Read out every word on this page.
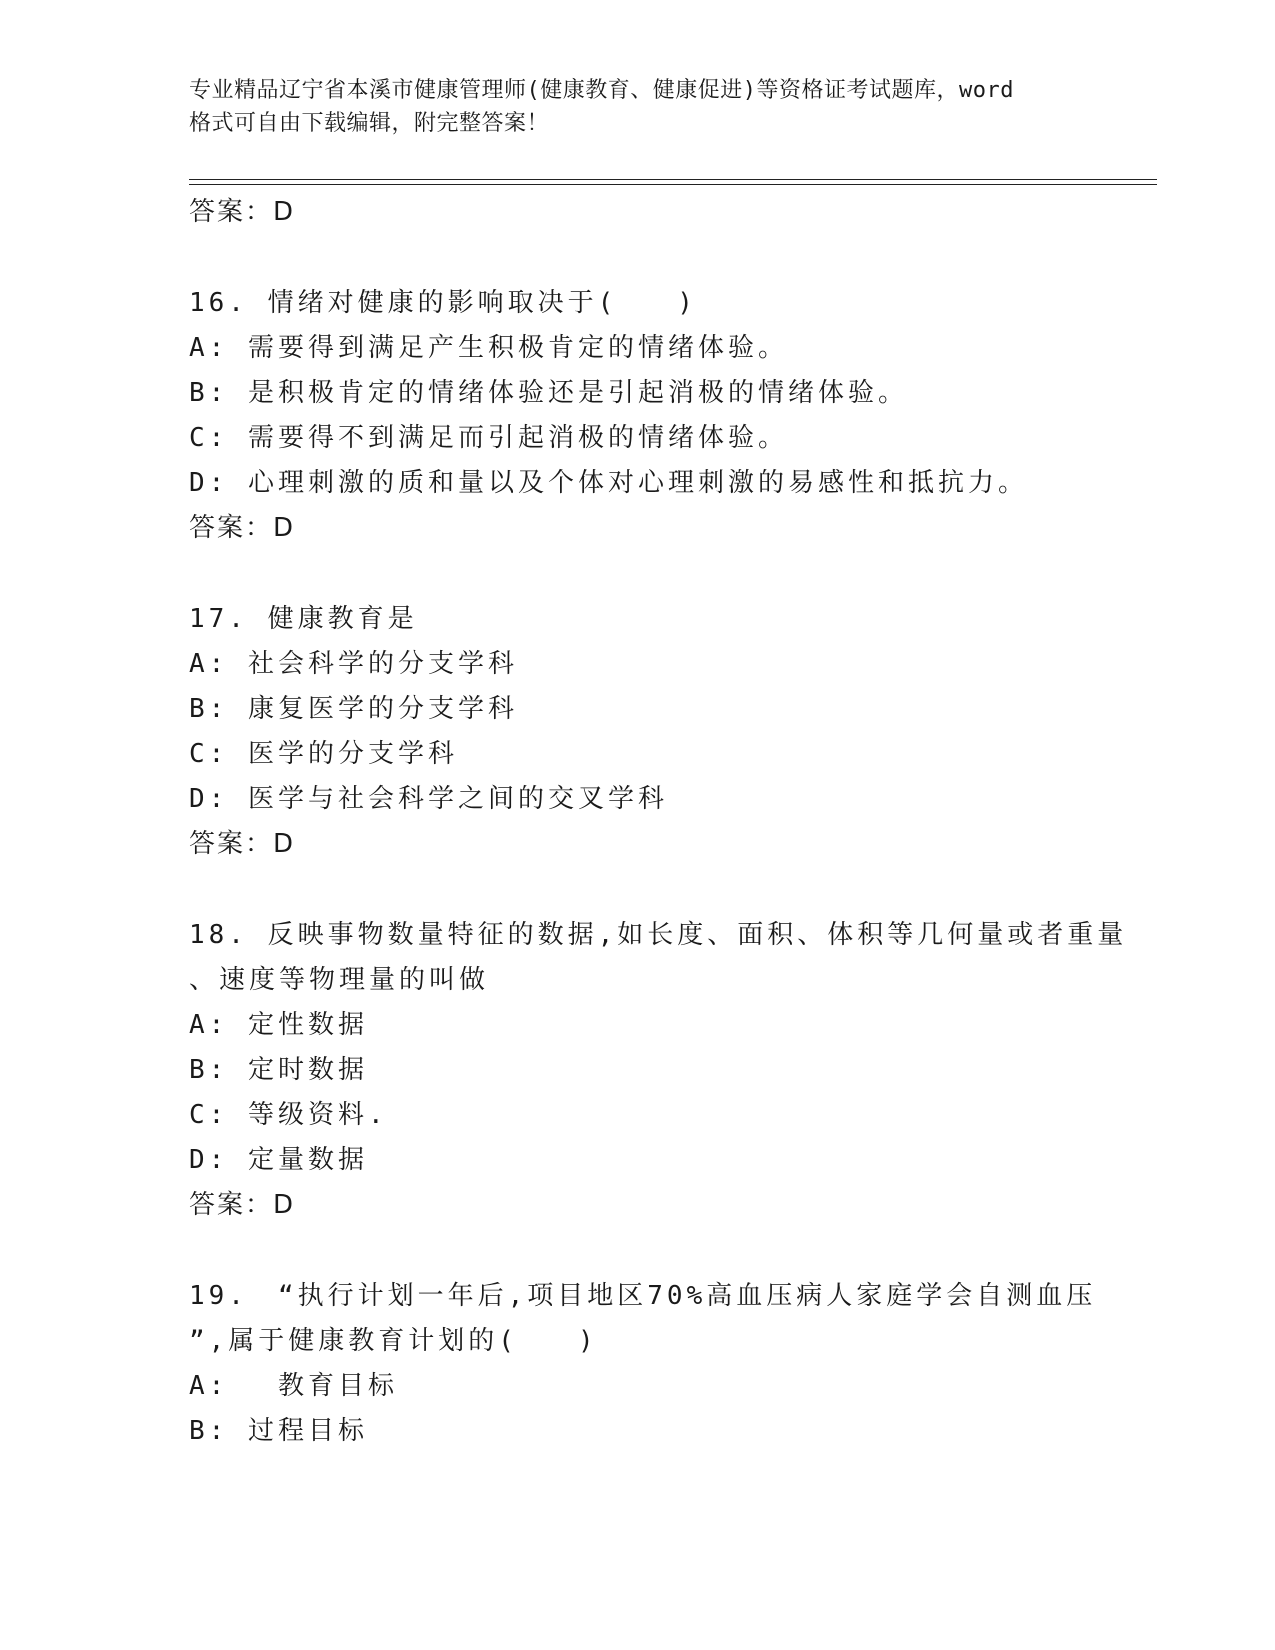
专业精品辽宁省本溪市健康管理师(健康教育、健康促进)等资格证考试题库，word
格式可自由下载编辑，附完整答案！
答案：D
16. 情绪对健康的影响取决于(　　)
A: 需要得到满足产生积极肯定的情绪体验。
B: 是积极肯定的情绪体验还是引起消极的情绪体验。
C: 需要得不到满足而引起消极的情绪体验。
D: 心理刺激的质和量以及个体对心理刺激的易感性和抵抗力。
答案：D
17. 健康教育是
A: 社会科学的分支学科
B: 康复医学的分支学科
C: 医学的分支学科
D: 医学与社会科学之间的交叉学科
答案：D
18. 反映事物数量特征的数据,如长度、面积、体积等几何量或者重量
、速度等物理量的叫做
A: 定性数据
B: 定时数据
C: 等级资料.
D: 定量数据
答案：D
19.　“执行计划一年后,项目地区70%高血压病人家庭学会自测血压
”,属于健康教育计划的(　　)
A: 　教育目标
B: 过程目标
